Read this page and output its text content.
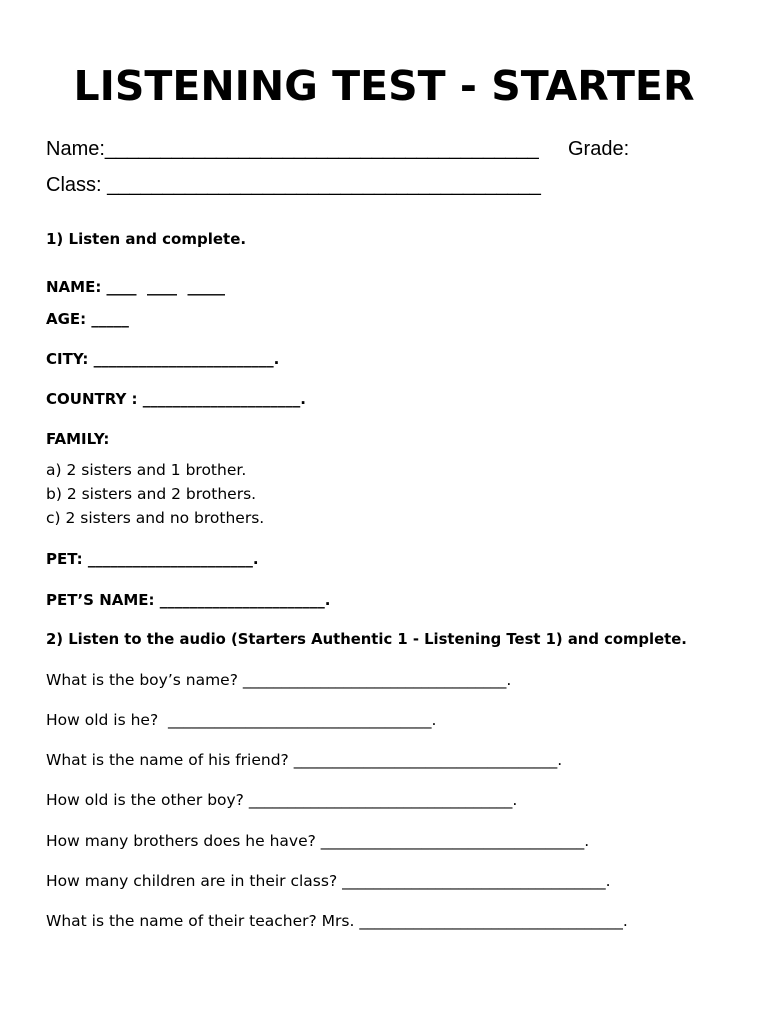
LISTENING TEST - STARTER
Name:_______________________________________ Grade:
Class: _______________________________________
1) Listen and complete.
NAME: ____  ____  _____
AGE: _____
CITY: ________________________.
COUNTRY : _____________________.
FAMILY:
a) 2 sisters and 1 brother.
b) 2 sisters and 2 brothers.
c) 2 sisters and no brothers.
PET: ______________________.
PET’S NAME: ______________________.
2) Listen to the audio (Starters Authentic 1 - Listening Test 1) and complete.
What is the boy’s name? __________________________________.
How old is he?  __________________________________.
What is the name of his friend? __________________________________.
How old is the other boy? __________________________________.
How many brothers does he have? __________________________________.
How many children are in their class? __________________________________.
What is the name of their teacher? Mrs. __________________________________.
